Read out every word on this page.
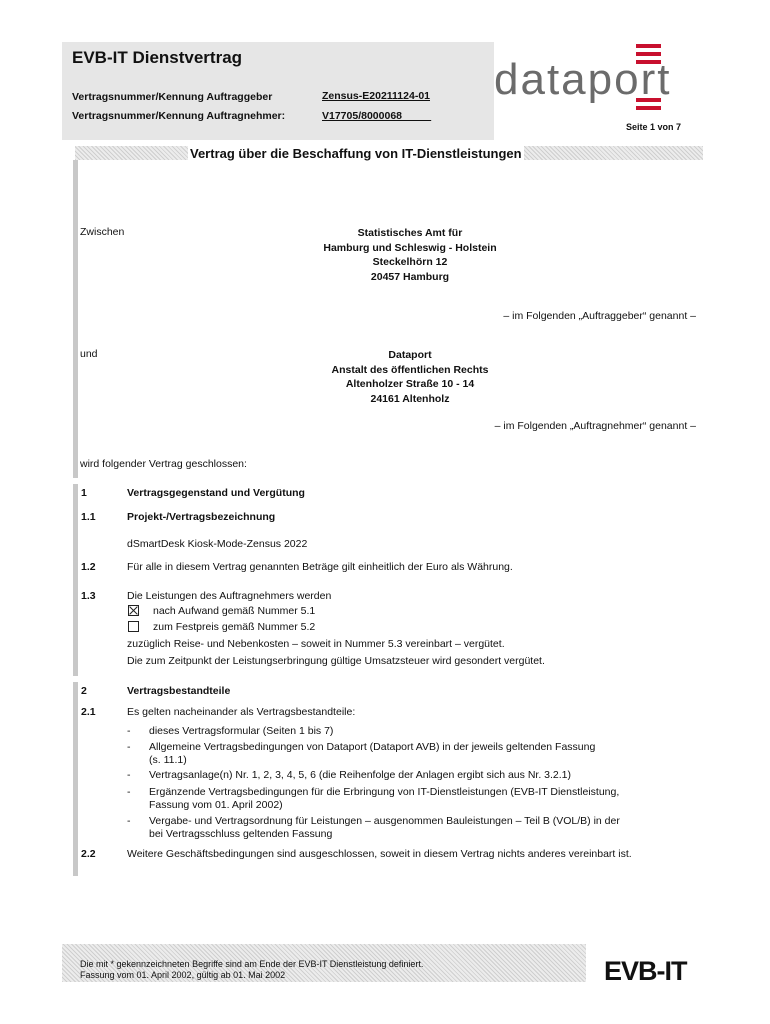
EVB-IT Dienstvertrag
Vertragsnummer/Kennung Auftraggeber	Zensus-E20211124-01
Vertragsnummer/Kennung Auftragnehmer:	V17705/8000068
dataport
Seite 1 von 7
Vertrag über die Beschaffung von IT-Dienstleistungen
Zwischen	Statistisches Amt für
Hamburg und Schleswig - Holstein
Steckelhörn 12
20457 Hamburg
– im Folgenden „Auftraggeber“ genannt –
und	Dataport
Anstalt des öffentlichen Rechts
Altenholzer Straße 10 - 14
24161 Altenholz
– im Folgenden „Auftragnehmer“ genannt –
wird folgender Vertrag geschlossen:
1	Vertragsgegenstand und Vergütung
1.1	Projekt-/Vertragsbezeichnung
dSmartDesk Kiosk-Mode-Zensus 2022
1.2	Für alle in diesem Vertrag genannten Beträge gilt einheitlich der Euro als Währung.
1.3	Die Leistungen des Auftragnehmers werden
nach Aufwand gemäß Nummer 5.1
zum Festpreis gemäß Nummer 5.2
zuzüglich Reise- und Nebenkosten – soweit in Nummer 5.3 vereinbart – vergütet.
Die zum Zeitpunkt der Leistungserbringung gültige Umsatzsteuer wird gesondert vergütet.
2	Vertragsbestandteile
2.1	Es gelten nacheinander als Vertragsbestandteile:
- dieses Vertragsformular (Seiten 1 bis 7)
- Allgemeine Vertragsbedingungen von Dataport (Dataport AVB) in der jeweils geltenden Fassung
(s. 11.1)
- Vertragsanlage(n) Nr. 1, 2, 3, 4, 5, 6 (die Reihenfolge der Anlagen ergibt sich aus Nr. 3.2.1)
- Ergänzende Vertragsbedingungen für die Erbringung von IT-Dienstleistungen (EVB-IT Dienstleistung,
Fassung vom 01. April 2002)
- Vergabe- und Vertragsordnung für Leistungen – ausgenommen Bauleistungen – Teil B (VOL/B) in der
bei Vertragsschluss geltenden Fassung
2.2	Weitere Geschäftsbedingungen sind ausgeschlossen, soweit in diesem Vertrag nichts anderes vereinbart ist.
Die mit * gekennzeichneten Begriffe sind am Ende der EVB-IT Dienstleistung definiert.
Fassung vom 01. April 2002, gültig ab 01. Mai 2002	EVB-IT
